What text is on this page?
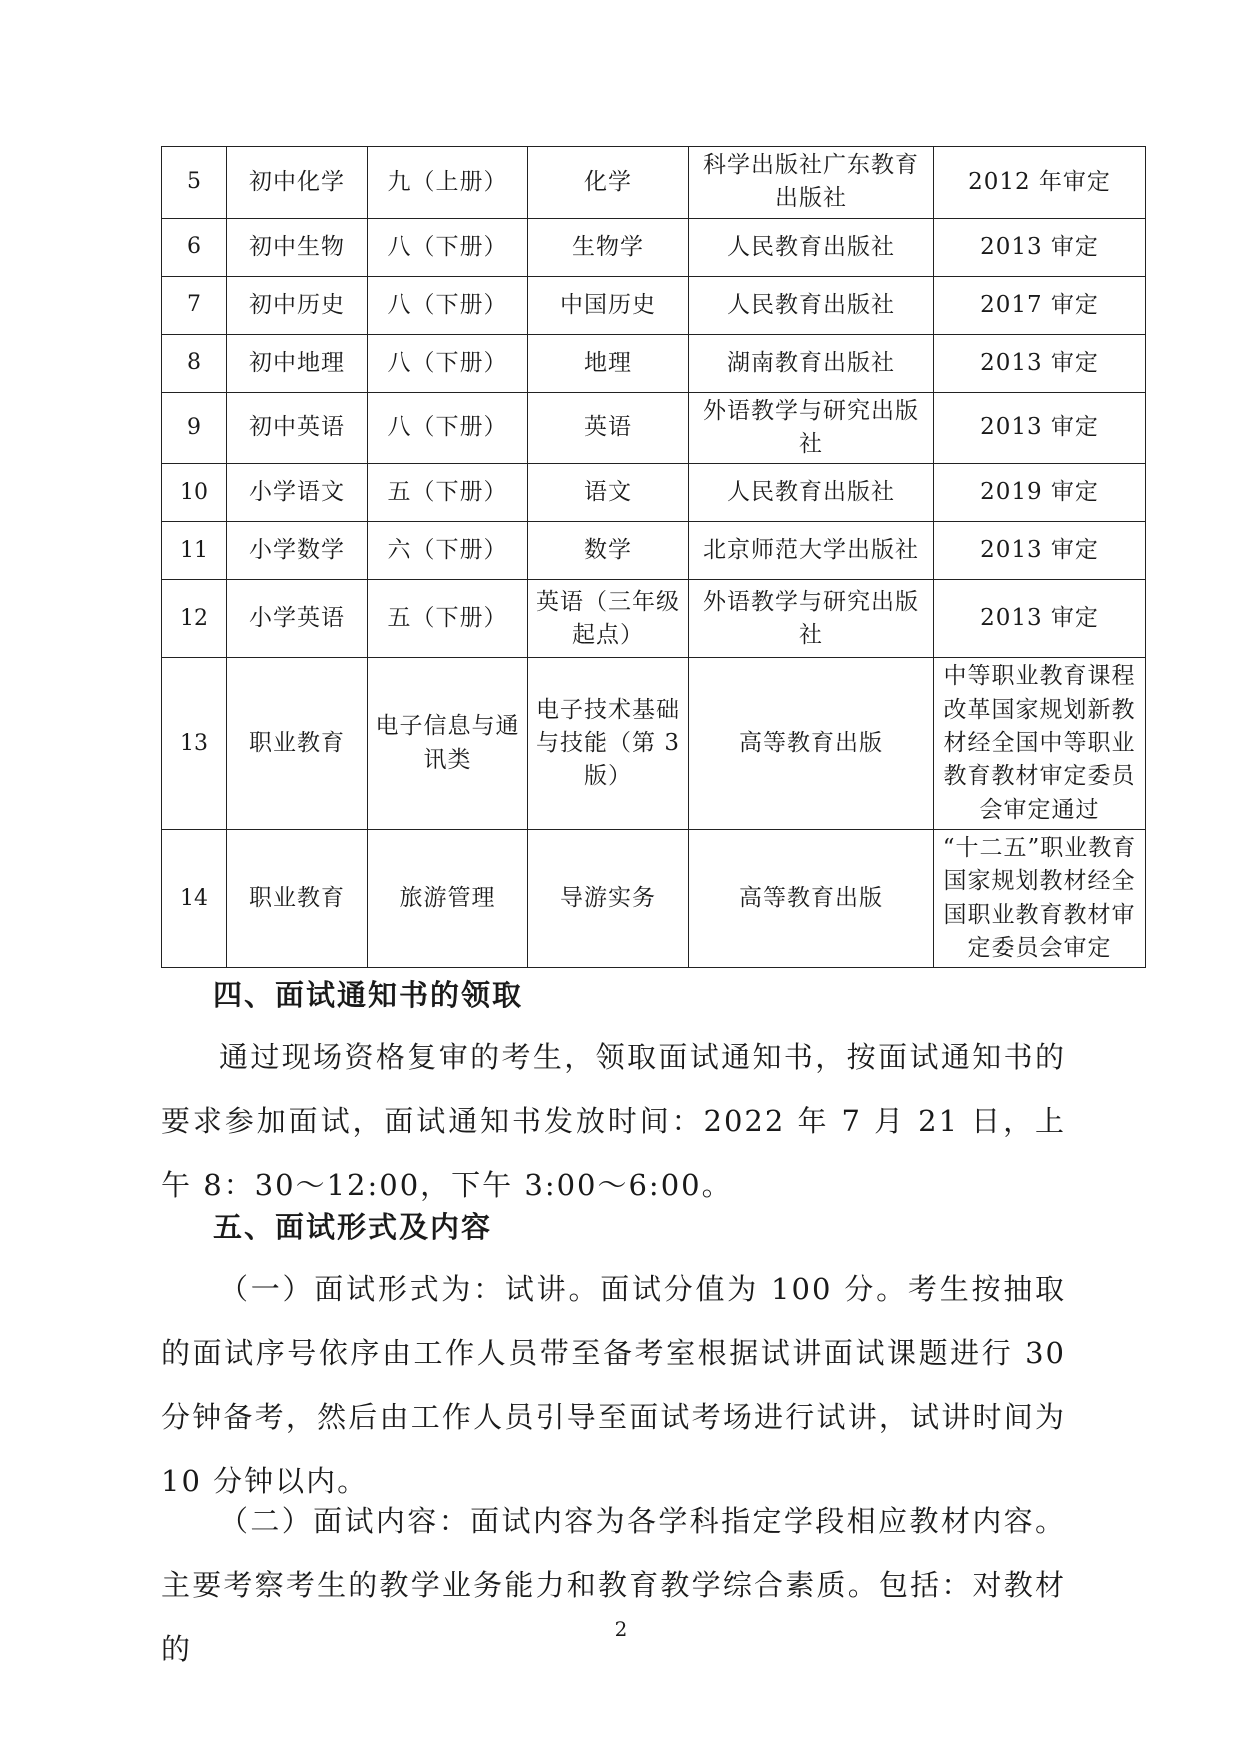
5	初中化学	九（上册）	化学	科学出版社广东教育出版社	2012 年审定
6	初中生物	八（下册）	生物学	人民教育出版社	2013 审定
7	初中历史	八（下册）	中国历史	人民教育出版社	2017 审定
8	初中地理	八（下册）	地理	湖南教育出版社	2013 审定
9	初中英语	八（下册）	英语	外语教学与研究出版社	2013 审定
10	小学语文	五（下册）	语文	人民教育出版社	2019 审定
11	小学数学	六（下册）	数学	北京师范大学出版社	2013 审定
12	小学英语	五（下册）	英语（三年级起点）	外语教学与研究出版社	2013 审定
13	职业教育	电子信息与通讯类	电子技术基础与技能（第 3 版）	高等教育出版	中等职业教育课程改革国家规划新教材经全国中等职业教育教材审定委员会审定通过
14	职业教育	旅游管理	导游实务	高等教育出版	“十二五”职业教育国家规划教材经全国职业教育教材审定委员会审定
四、面试通知书的领取
通过现场资格复审的考生，领取面试通知书，按面试通知书的要求参加面试，面试通知书发放时间：2022 年 7 月 21 日，上午 8：30～12:00，下午 3:00～6:00。
五、面试形式及内容
（一）面试形式为：试讲。面试分值为 100 分。考生按抽取的面试序号依序由工作人员带至备考室根据试讲面试课题进行 30 分钟备考，然后由工作人员引导至面试考场进行试讲，试讲时间为 10 分钟以内。
（二）面试内容：面试内容为各学科指定学段相应教材内容。主要考察考生的教学业务能力和教育教学综合素质。包括：对教材的
2
